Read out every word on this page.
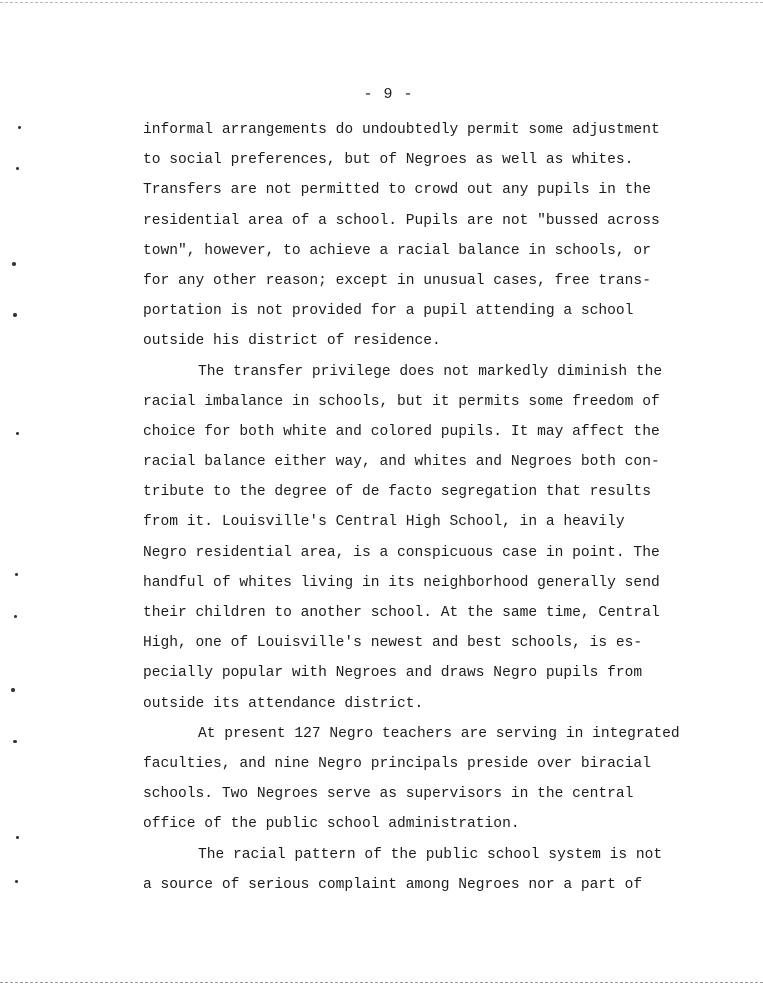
- 9 -
informal arrangements do undoubtedly permit some adjustment
to social preferences, but of Negroes as well as whites.
Transfers are not permitted to crowd out any pupils in the
residential area of a school. Pupils are not "bussed across
town", however, to achieve a racial balance in schools, or
for any other reason; except in unusual cases, free trans-
portation is not provided for a pupil attending a school
outside his district of residence.
The transfer privilege does not markedly diminish the
racial imbalance in schools, but it permits some freedom of
choice for both white and colored pupils. It may affect the
racial balance either way, and whites and Negroes both con-
tribute to the degree of de facto segregation that results
from it. Louisville's Central High School, in a heavily
Negro residential area, is a conspicuous case in point. The
handful of whites living in its neighborhood generally send
their children to another school. At the same time, Central
High, one of Louisville's newest and best schools, is es-
pecially popular with Negroes and draws Negro pupils from
outside its attendance district.
At present 127 Negro teachers are serving in integrated
faculties, and nine Negro principals preside over biracial
schools. Two Negroes serve as supervisors in the central
office of the public school administration.
The racial pattern of the public school system is not
a source of serious complaint among Negroes nor a part of
